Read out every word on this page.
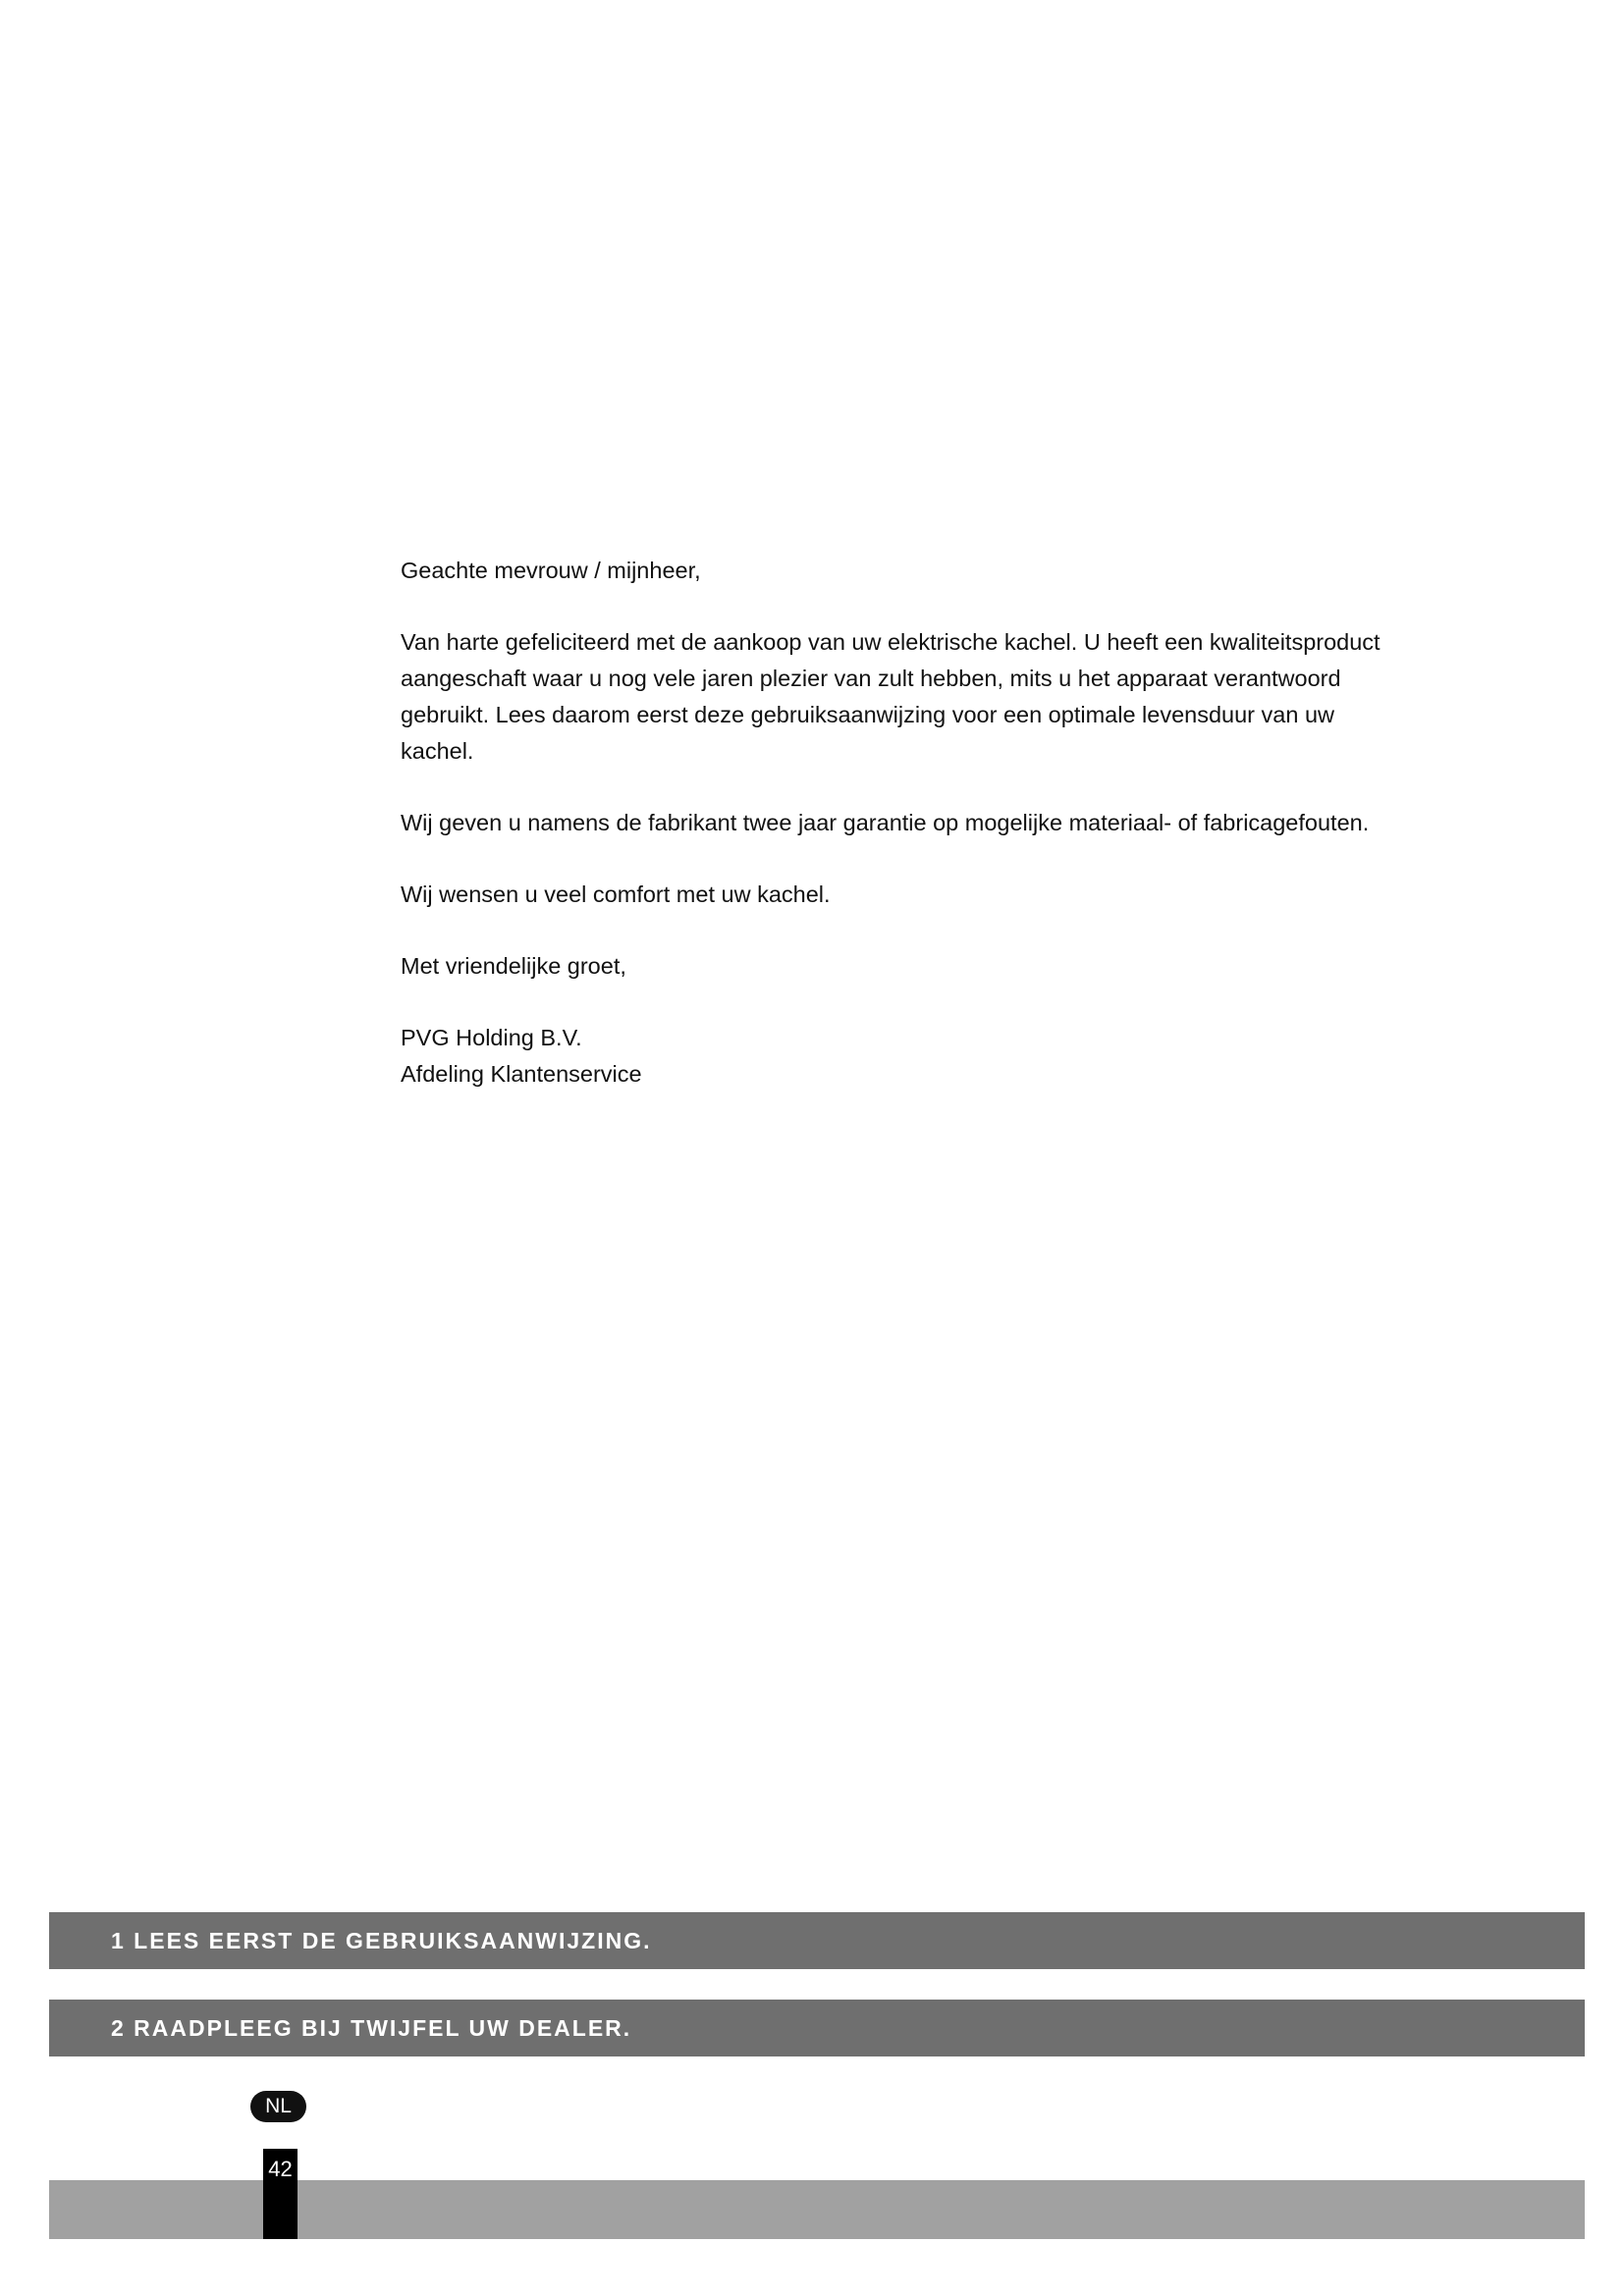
Geachte mevrouw / mijnheer,

Van harte gefeliciteerd met de aankoop van uw elektrische kachel. U heeft een kwaliteitsproduct
aangeschaft waar u nog vele jaren plezier van zult hebben, mits u het apparaat verantwoord
gebruikt. Lees daarom eerst deze gebruiksaanwijzing voor een optimale levensduur van uw
kachel.

Wij geven u namens de fabrikant twee jaar garantie op mogelijke materiaal- of fabricagefouten.

Wij wensen u veel comfort met uw kachel.

Met vriendelijke groet,

PVG Holding B.V.
Afdeling Klantenservice

1 LEES EERST DE GEBRUIKSAANWIJZING.
2 RAADPLEEG BIJ TWIJFEL UW DEALER.
NL
42
